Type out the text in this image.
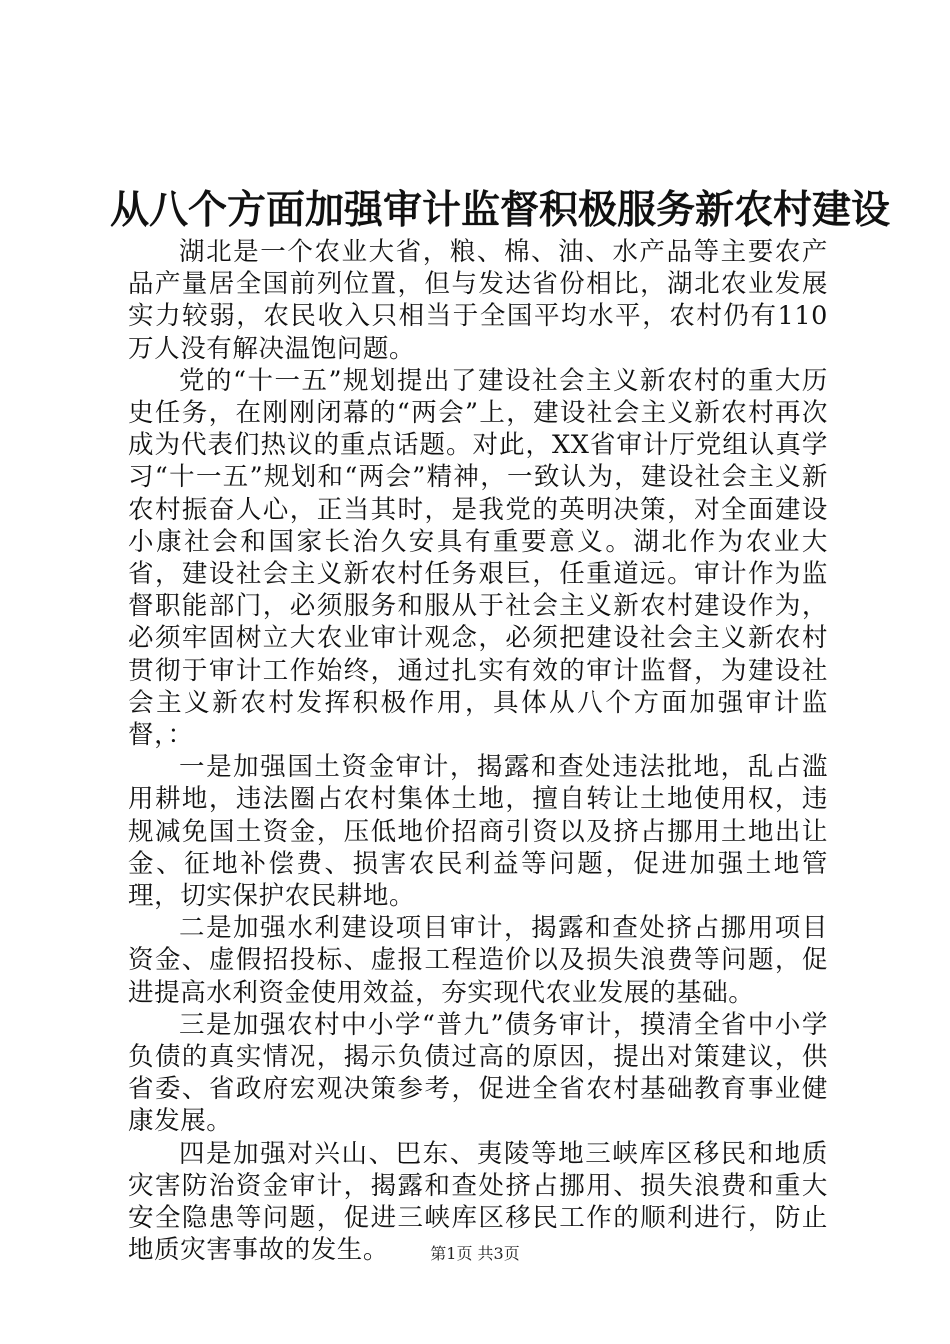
从八个方面加强审计监督积极服务新农村建设

湖北是一个农业大省，粮、棉、油、水产品等主要农产品产量居全国前列位置，但与发达省份相比，湖北农业发展实力较弱，农民收入只相当于全国平均水平，农村仍有110万人没有解决温饱问题。

党的“十一五”规划提出了建设社会主义新农村的重大历史任务，在刚刚闭幕的“两会”上，建设社会主义新农村再次成为代表们热议的重点话题。对此，XX省审计厅党组认真学习“十一五”规划和“两会”精神，一致认为，建设社会主义新农村振奋人心，正当其时，是我党的英明决策，对全面建设小康社会和国家长治久安具有重要意义。湖北作为农业大省，建设社会主义新农村任务艰巨，任重道远。审计作为监督职能部门，必须服务和服从于社会主义新农村建设作为，必须牢固树立大农业审计观念，必须把建设社会主义新农村贯彻于审计工作始终，通过扎实有效的审计监督，为建设社会主义新农村发挥积极作用，具体从八个方面加强审计监督，：

一是加强国土资金审计，揭露和查处违法批地，乱占滥用耕地，违法圈占农村集体土地，擅自转让土地使用权，违规减免国土资金，压低地价招商引资以及挤占挪用土地出让金、征地补偿费、损害农民利益等问题，促进加强土地管理，切实保护农民耕地。

二是加强水利建设项目审计，揭露和查处挤占挪用项目资金、虚假招投标、虚报工程造价以及损失浪费等问题，促进提高水利资金使用效益，夯实现代农业发展的基础。

三是加强农村中小学“普九”债务审计，摸清全省中小学负债的真实情况，揭示负债过高的原因，提出对策建议，供省委、省政府宏观决策参考，促进全省农村基础教育事业健康发展。

四是加强对兴山、巴东、夷陵等地三峡库区移民和地质灾害防治资金审计，揭露和查处挤占挪用、损失浪费和重大安全隐患等问题，促进三峡库区移民工作的顺利进行，防止地质灾害事故的发生。	第1页 共3页
